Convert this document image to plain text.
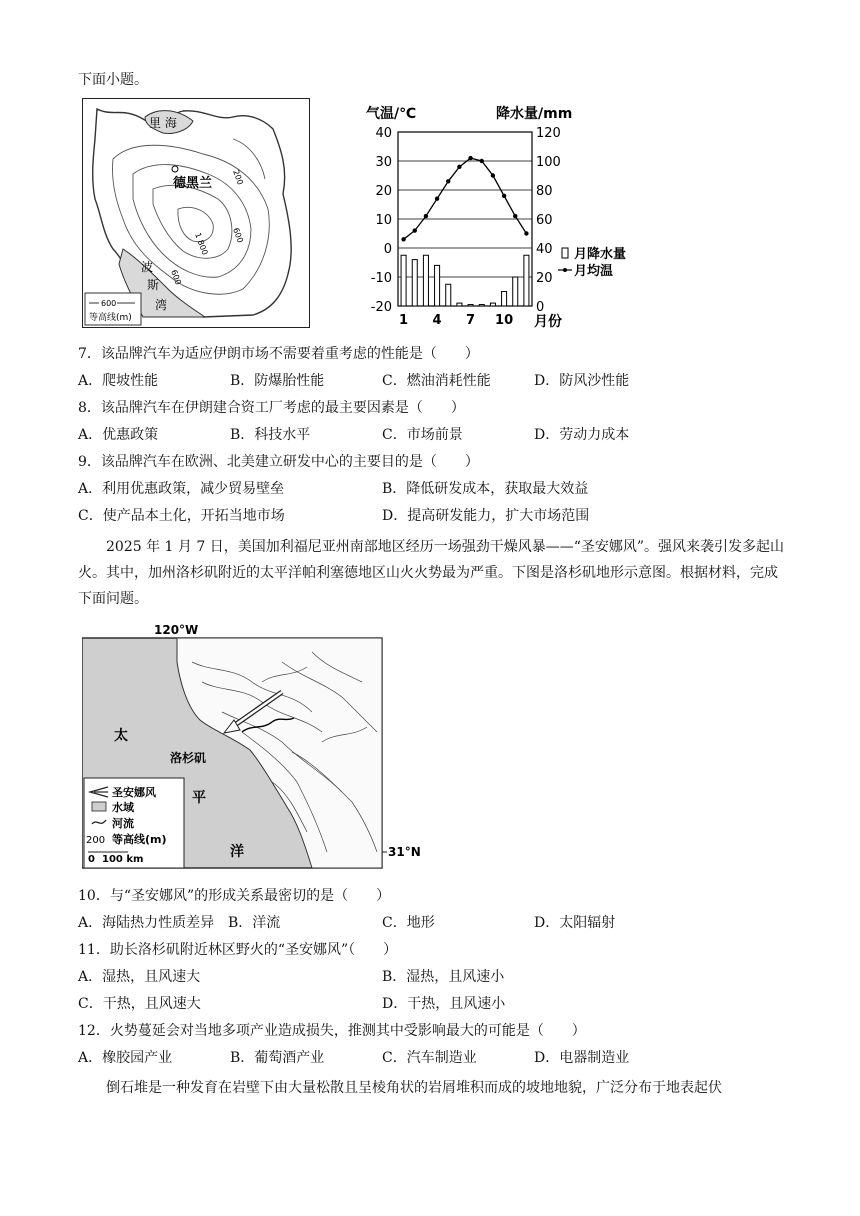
下面小题。
里 海
德黑兰 200
1 800	600
600
波
斯
湾
600
等高线(m)
气温/℃	降水量/mm
40	120
30	100
20	80
10	60
0	40
-10	20
-20	0
1 4 7 10
月降水量
月均温
月份
7．该品牌汽车为适应伊朗市场不需要着重考虑的性能是（　　）
A．爬坡性能	B．防爆胎性能	C．燃油消耗性能	D．防风沙性能
8．该品牌汽车在伊朗建合资工厂考虑的最主要因素是（　　）
A．优惠政策	B．科技水平	C．市场前景	D．劳动力成本
9．该品牌汽车在欧洲、北美建立研发中心的主要目的是（　　）
A．利用优惠政策，减少贸易壁垒	B．降低研发成本，获取最大效益
C．使产品本土化，开拓当地市场	D．提高研发能力，扩大市场范围
2025 年 1 月 7 日，美国加利福尼亚州南部地区经历一场强劲干燥风暴——“圣安娜风”。强风来袭引发多起山火。其中，加州洛杉矶附近的太平洋帕利塞德地区山火火势最为严重。下图是洛杉矶地形示意图。根据材料，完成下面问题。
120°W
太
平
洋
洛杉矶
圣安娜风
水域
河流
200 等高线(m)
0 100 km
31°N
10．与“圣安娜风”的形成关系最密切的是（　　）
A．海陆热力性质差异 B．洋流	C．地形	D．太阳辐射
11．助长洛杉矶附近林区野火的“圣安娜风”（　　）
A．湿热，且风速大	B．湿热，且风速小
C．干热，且风速大	D．干热，且风速小
12．火势蔓延会对当地多项产业造成损失，推测其中受影响最大的可能是（　　）
A．橡胶园产业	B．葡萄酒产业	C．汽车制造业	D．电器制造业
倒石堆是一种发育在岩壁下由大量松散且呈棱角状的岩屑堆积而成的坡地地貌，广泛分布于地表起伏
